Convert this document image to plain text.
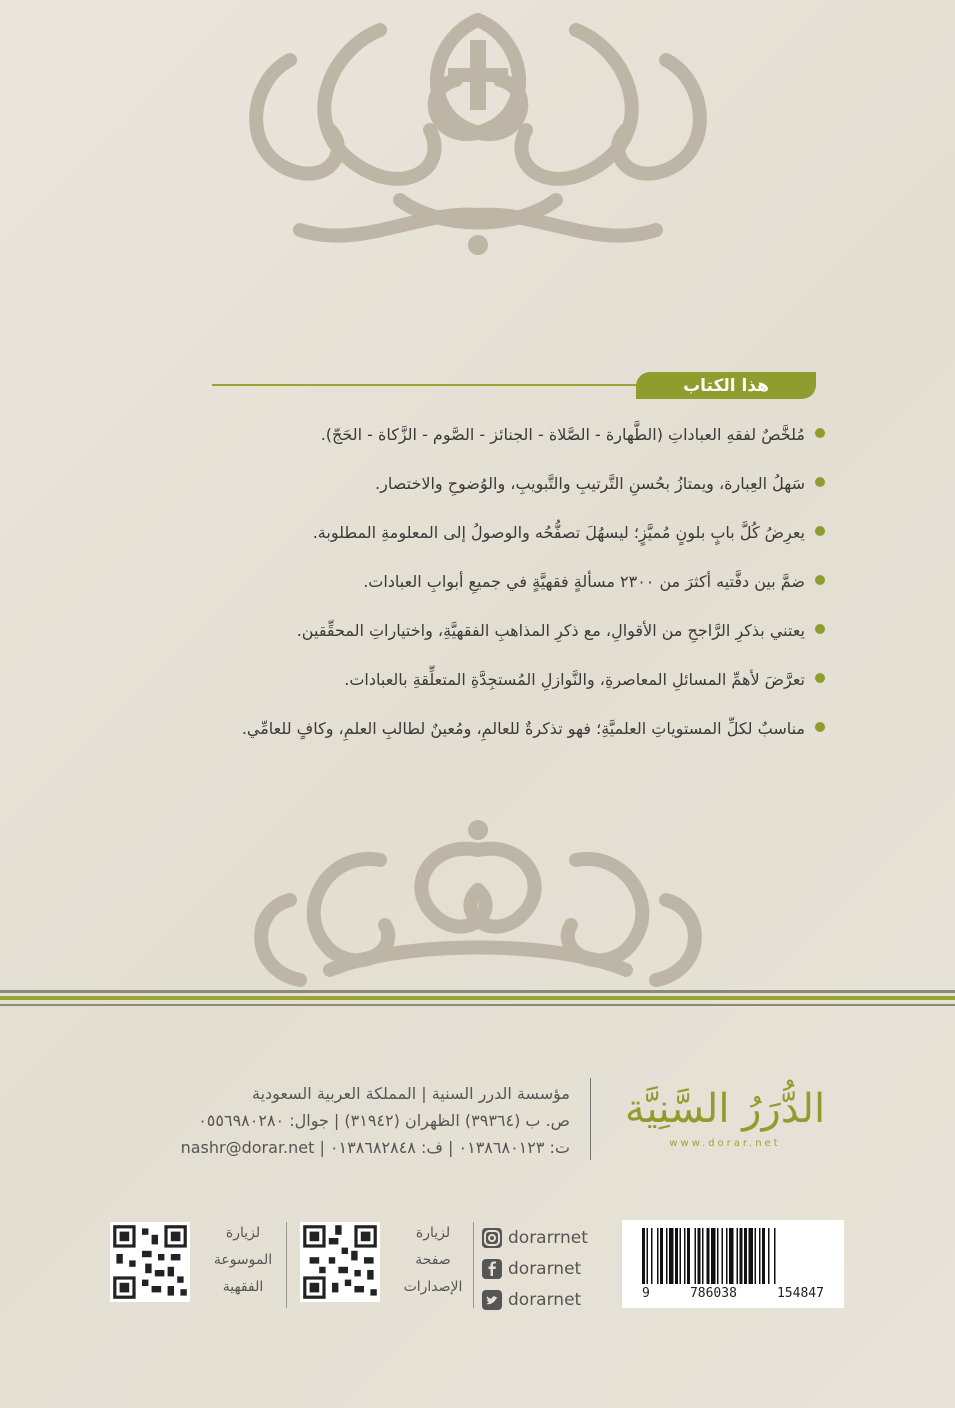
هذا الكتاب
مُلخَّصٌ لفقهِ العباداتِ (الطَّهارة - الصَّلاة - الجنائز - الصَّوم - الزَّكاة - الحَجّ).
سَهلُ العِبارة، ويمتازُ بحُسنِ التَّرتيبِ والتَّبويبِ، والوُضوحِ والاختصار.
يعرِضُ كُلَّ بابٍ بلونٍ مُميَّزٍ؛ ليسهُلَ تصفُّحُه والوصولُ إلى المعلومةِ المطلوبة.
ضمَّ بين دفَّتيه أكثرَ من ٢٣٠٠ مسألةٍ فقهيَّةٍ في جميعِ أبوابِ العبادات.
يعتني بذكرِ الرَّاجحِ من الأقوالِ، مع ذكرِ المذاهبِ الفقهيَّةِ، واختياراتِ المحقِّقين.
تعرَّضَ لأهمِّ المسائلِ المعاصرةِ، والنَّوازلِ المُستجِدَّةِ المتعلِّقةِ بالعبادات.
مناسبٌ لكلِّ المستوياتِ العلميَّةِ؛ فهو تذكرةٌ للعالمِ، ومُعينٌ لطالبِ العلمِ، وكافٍ للعامِّي.
الدُّرَرُ السَّنِيَّة
www.dorar.net
مؤسسة الدرر السنية | المملكة العربية السعودية
ص. ب (٣٩٣٦٤) الظهران (٣١٩٤٢) | جوال: ٠٥٥٦٩٨٠٢٨٠
ت: ٠١٣٨٦٨٠١٢٣ | ف: ٠١٣٨٦٨٢٨٤٨ | nashr@dorar.net
لزيارة
الموسوعة
الفقهية
لزيارة
صفحة
الإصدارات
dorarrnet
dorarnet
dorarnet	9	786038	154847
